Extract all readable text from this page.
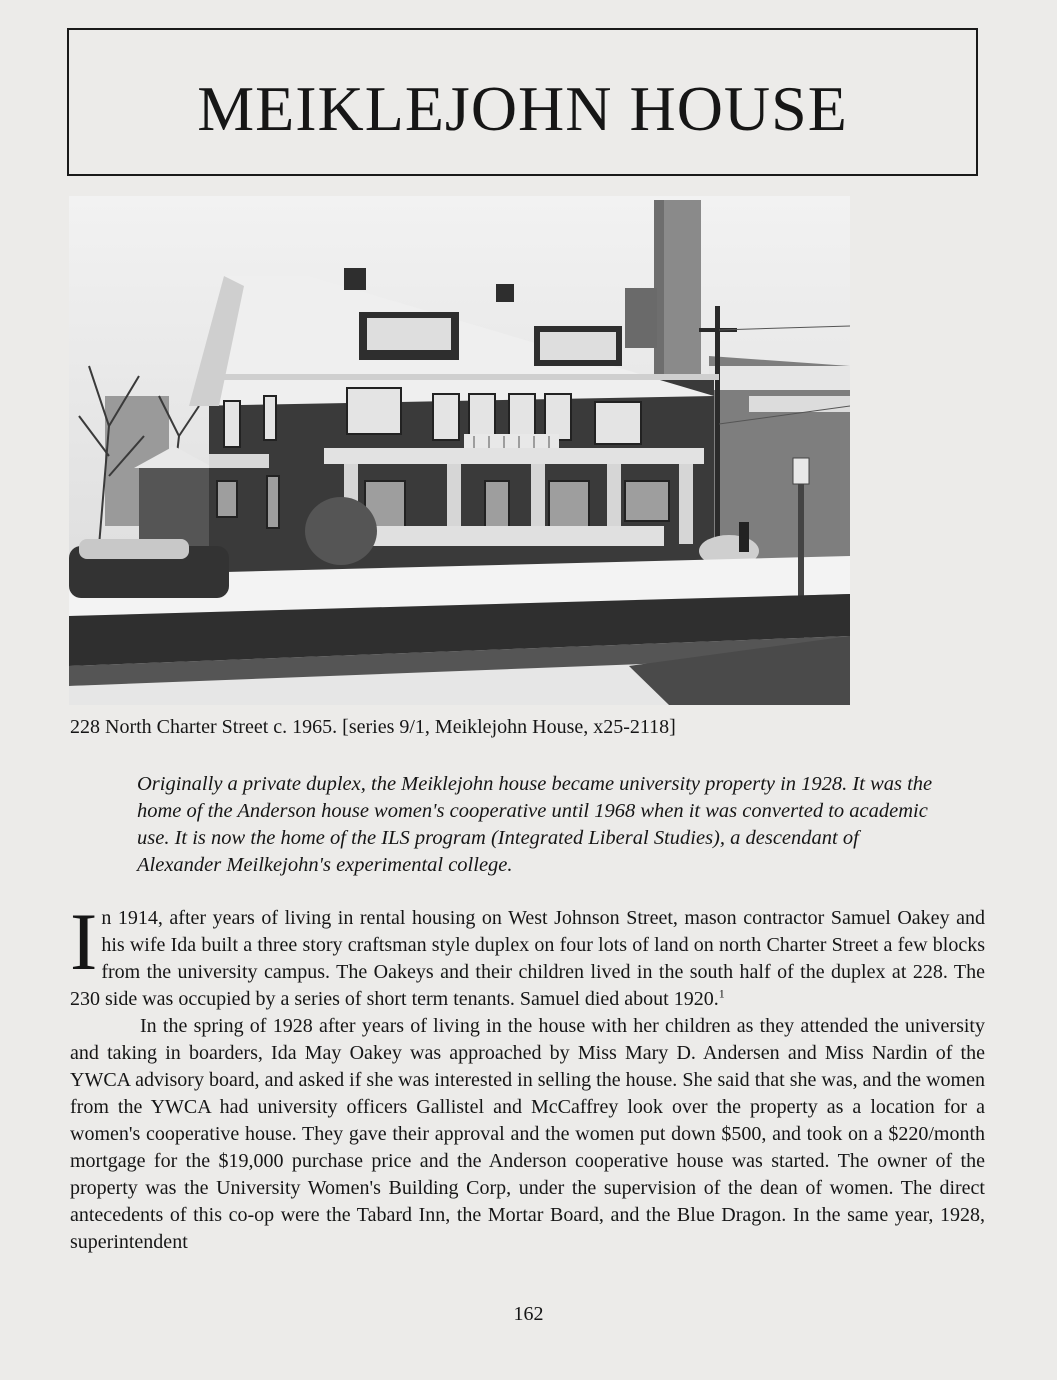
MEIKLEJOHN HOUSE
228 North Charter Street c. 1965. [series 9/1, Meiklejohn House, x25-2118]

Originally a private duplex, the Meiklejohn house became university property in 1928. It was the home of the Anderson house women's cooperative until 1968 when it was converted to academic use. It is now the home of the ILS program (Integrated Liberal Studies), a descendant of Alexander Meilkejohn's experimental college.

In 1914, after years of living in rental housing on West Johnson Street, mason contractor Samuel Oakey and his wife Ida built a three story craftsman style duplex on four lots of land on north Charter Street a few blocks from the university campus. The Oakeys and their children lived in the south half of the duplex at 228. The 230 side was occupied by a series of short term tenants. Samuel died about 1920.$^1$

In the spring of 1928 after years of living in the house with her children as they attended the university and taking in boarders, Ida May Oakey was approached by Miss Mary D. Andersen and Miss Nardin of the YWCA advisory board, and asked if she was interested in selling the house. She said that she was, and the women from the YWCA had university officers Gallistel and McCaffrey look over the property as a location for a women's cooperative house. They gave their approval and the women put down $500, and took on a $220/month mortgage for the $19,000 purchase price and the Anderson cooperative house was started. The owner of the property was the University Women's Building Corp, under the supervision of the dean of women. The direct antecedents of this co-op were the Tabard Inn, the Mortar Board, and the Blue Dragon. In the same year, 1928, superintendent

162
